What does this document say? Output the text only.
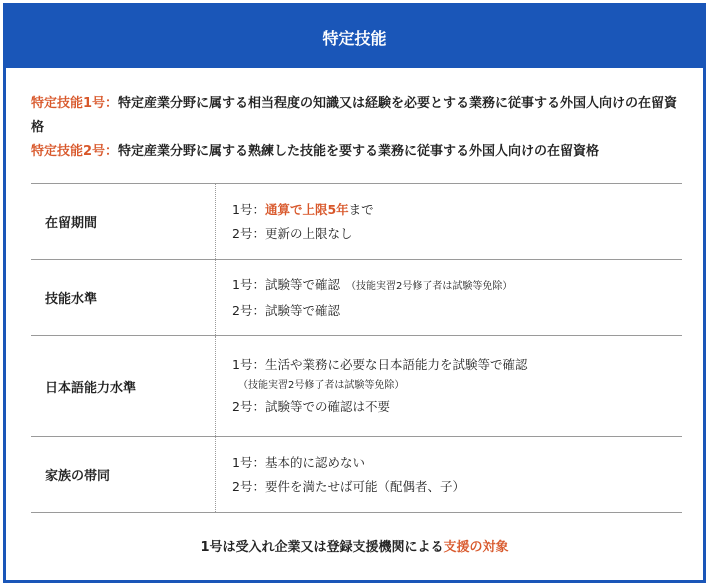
特定技能
特定技能1号：特定産業分野に属する相当程度の知識又は経験を必要とする業務に従事する外国人向けの在留資格
特定技能2号：特定産業分野に属する熟練した技能を要する業務に従事する外国人向けの在留資格
在留期間	1号：通算で上限5年まで
2号：更新の上限なし

技能水準	1号：試験等で確認 （技能実習2号修了者は試験等免除）
2号：試験等で確認

日本語能力水準	1号：生活や業務に必要な日本語能力を試験等で確認
（技能実習2号修了者は試験等免除）
2号：試験等での確認は不要

家族の帯同	1号：基本的に認めない
2号：要件を満たせば可能（配偶者、子）
1号は受入れ企業又は登録支援機関による支援の対象
